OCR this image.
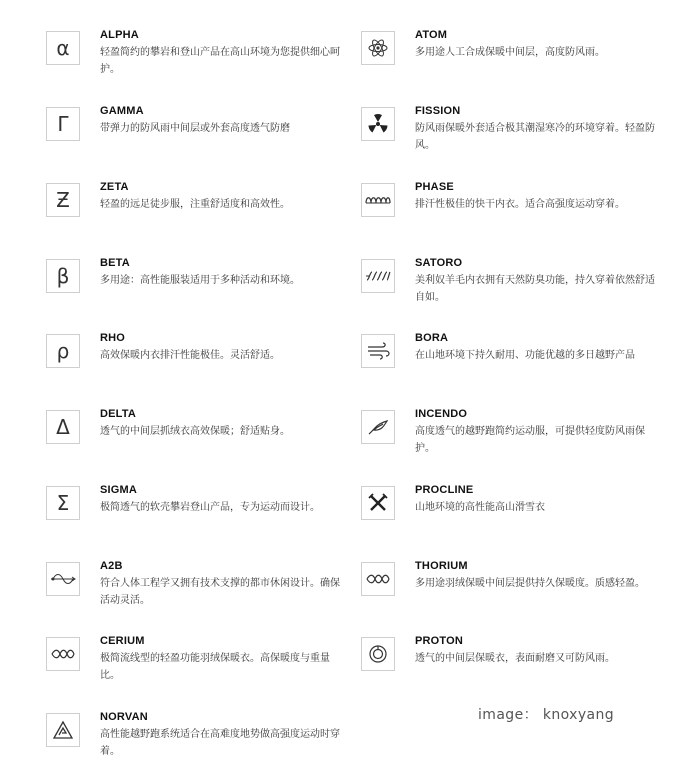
α
ALPHA
轻盈简约的攀岩和登山产品在高山环境为您提供细心呵护。
Γ
GAMMA
带弹力的防风雨中间层或外套高度透气防磨
Ƶ
ZETA
轻盈的远足徒步服，注重舒适度和高效性。
β
BETA
多用途：高性能服装适用于多种活动和环境。
ρ
RHO
高效保暖内衣排汗性能极佳。灵活舒适。
Δ
DELTA
透气的中间层抓绒衣高效保暖；舒适贴身。
Σ
SIGMA
极简透气的软壳攀岩登山产品，专为运动而设计。
A2B
符合人体工程学又拥有技术支撑的都市休闲设计。确保活动灵活。
CERIUM
极简流线型的轻盈功能羽绒保暖衣。高保暖度与重量比。
NORVAN
高性能越野跑系统适合在高难度地势做高强度运动时穿着。
ATOM
多用途人工合成保暖中间层，高度防风雨。
FISSION
防风雨保暖外套适合极其潮湿寒冷的环境穿着。轻盈防风。
PHASE
排汗性极佳的快干内衣。适合高强度运动穿着。
SATORO
美利奴羊毛内衣拥有天然防臭功能，持久穿着依然舒适自如。
BORA
在山地环境下持久耐用、功能优越的多日越野产品
INCENDO
高度透气的越野跑简约运动服，可提供轻度防风雨保护。
PROCLINE
山地环境的高性能高山滑雪衣
THORIUM
多用途羽绒保暖中间层提供持久保暖度。质感轻盈。
PROTON
透气的中间层保暖衣，表面耐磨又可防风雨。
image： knoxyang
